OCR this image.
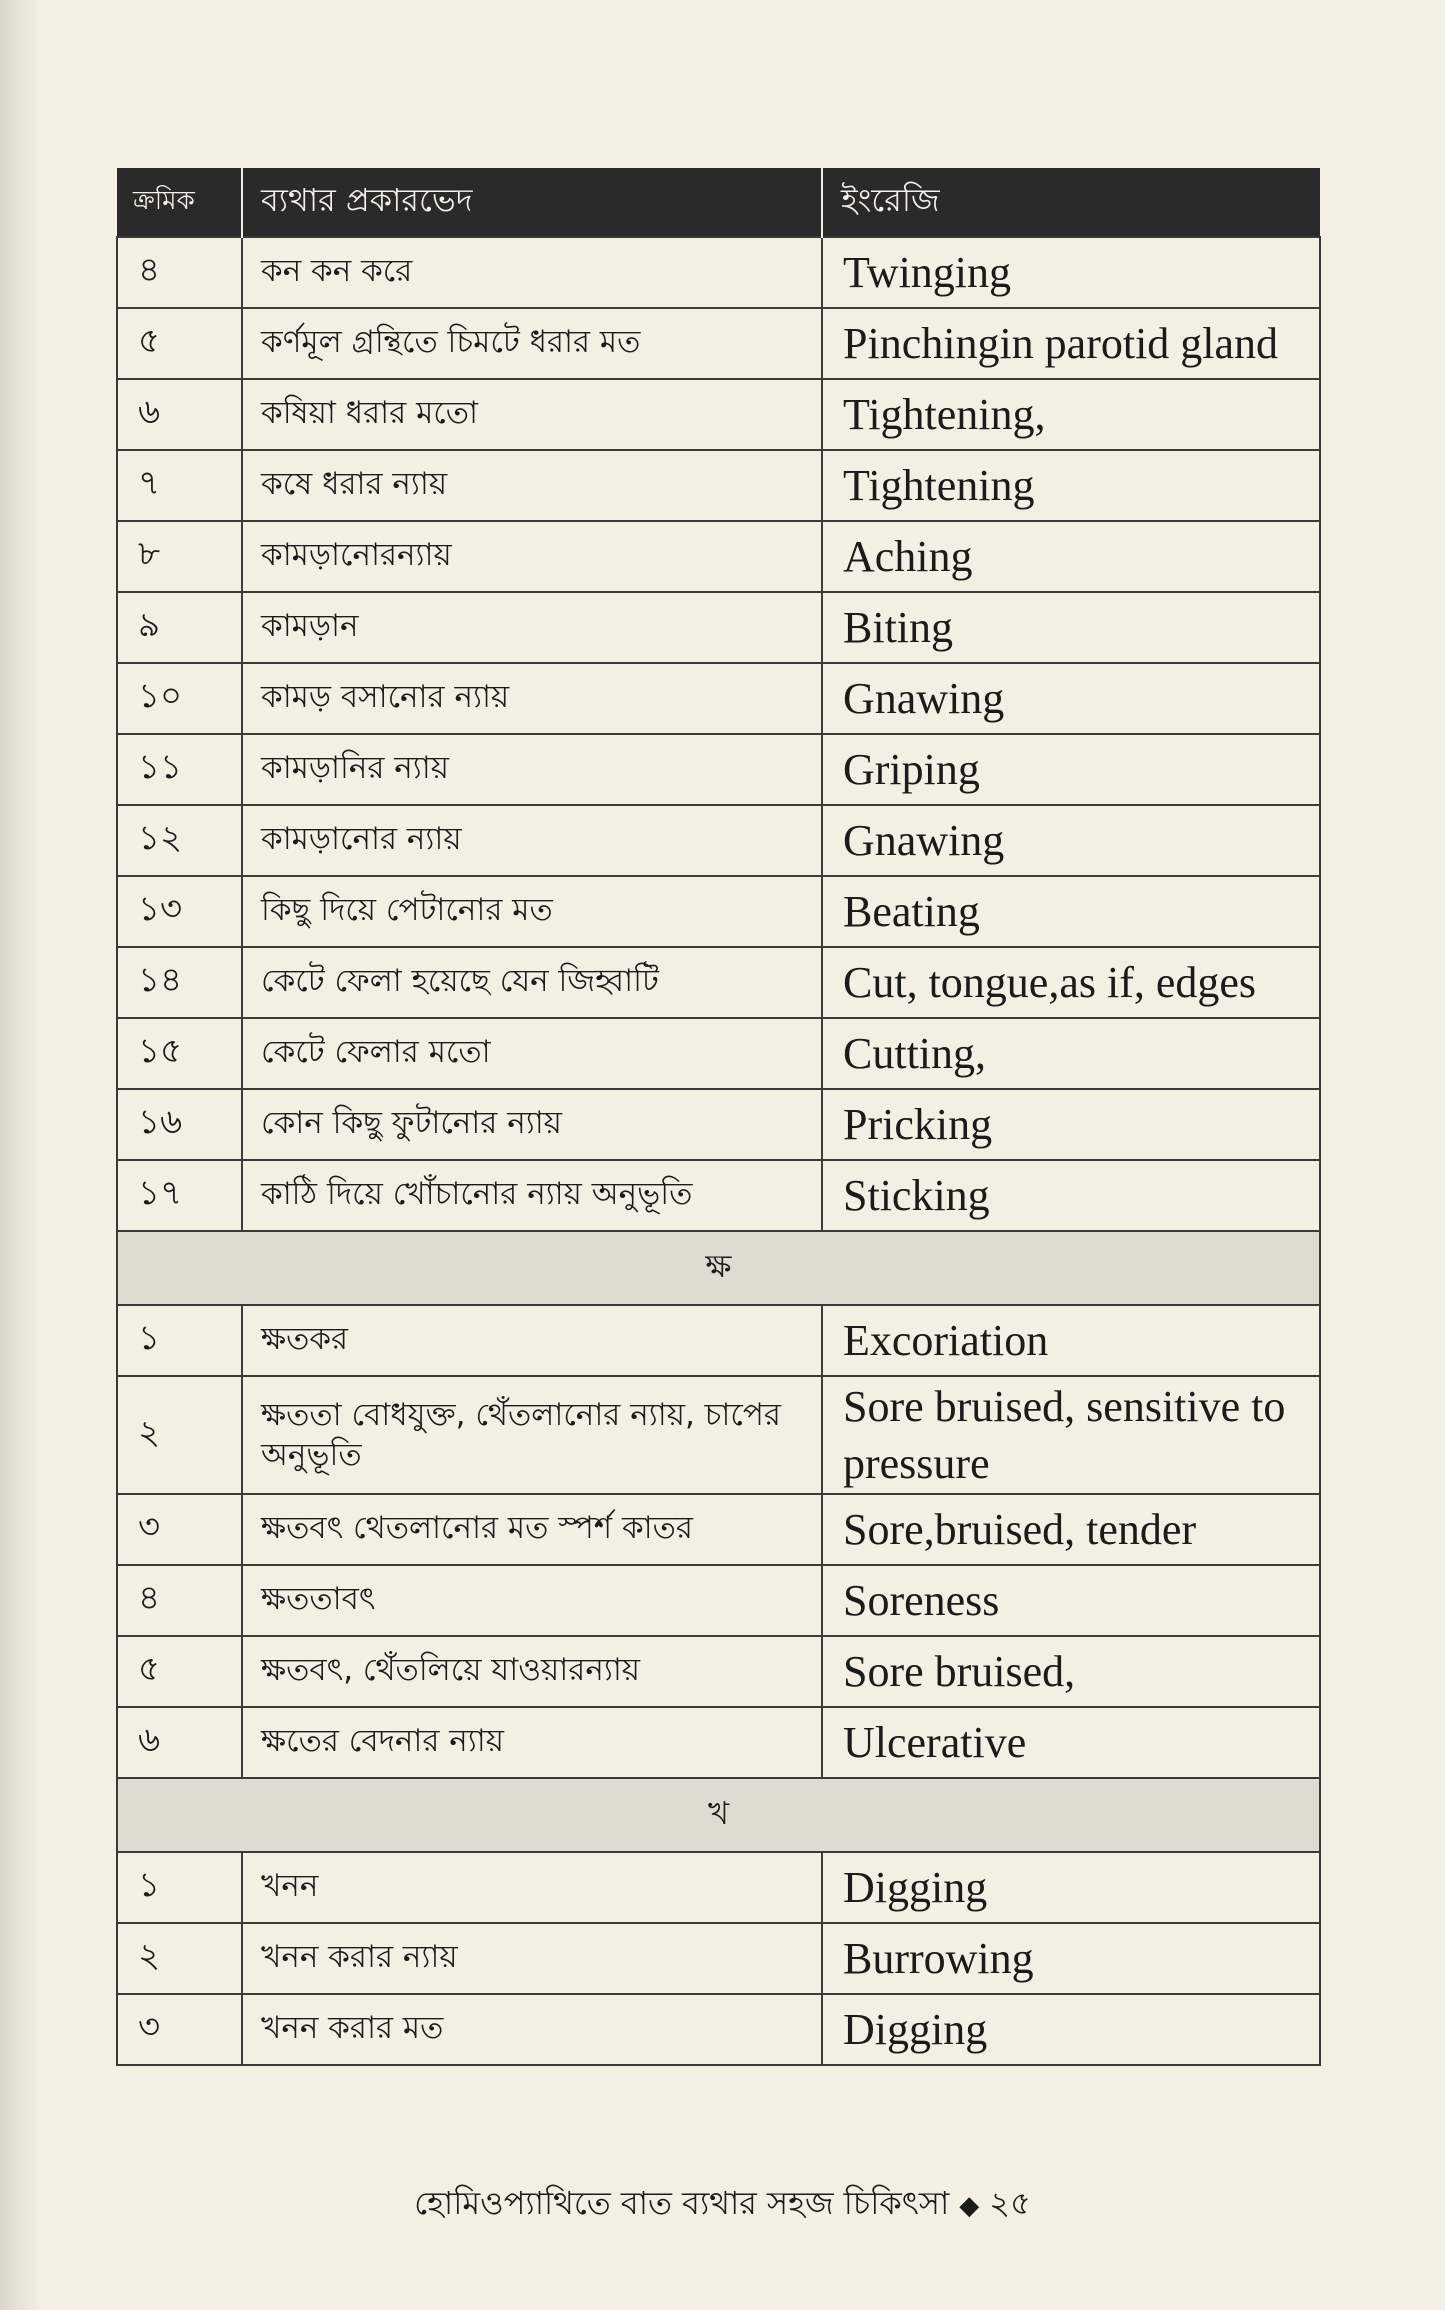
ক্রমিক	ব্যথার প্রকারভেদ	ইংরেজি
৪	কন কন করে	Twinging
৫	কর্ণমূল গ্রন্থিতে চিমটে ধরার মত	Pinchingin parotid gland
৬	কষিয়া ধরার মতো	Tightening,
৭	কষে ধরার ন্যায়	Tightening
৮	কামড়ানোরন্যায়	Aching
৯	কামড়ান	Biting
১০	কামড় বসানোর ন্যায়	Gnawing
১১	কামড়ানির ন্যায়	Griping
১২	কামড়ানোর ন্যায়	Gnawing
১৩	কিছু দিয়ে পেটানোর মত	Beating
১৪	কেটে ফেলা হয়েছে যেন জিহ্বাটি	Cut, tongue,as if, edges
১৫	কেটে ফেলার মতো	Cutting,
১৬	কোন কিছু ফুটানোর ন্যায়	Pricking
১৭	কাঠি দিয়ে খোঁচানোর ন্যায় অনুভূতি	Sticking
ক্ষ		
১	ক্ষতকর	Excoriation
২	ক্ষততা বোধযুক্ত, থেঁতলানোর ন্যায়, চাপের অনুভূতি	Sore bruised, sensitive to pressure
৩	ক্ষতবৎ থেতলানোর মত স্পর্শ কাতর	Sore,bruised, tender
৪	ক্ষততাবৎ	Soreness
৫	ক্ষতবৎ, থেঁতলিয়ে যাওয়ারন্যায়	Sore bruised,
৬	ক্ষতের বেদনার ন্যায়	Ulcerative
খ		
১	খনন	Digging
২	খনন করার ন্যায়	Burrowing
৩	খনন করার মত	Digging
হোমিওপ্যাথিতে বাত ব্যথার সহজ চিকিৎসা ◆ ২৫
